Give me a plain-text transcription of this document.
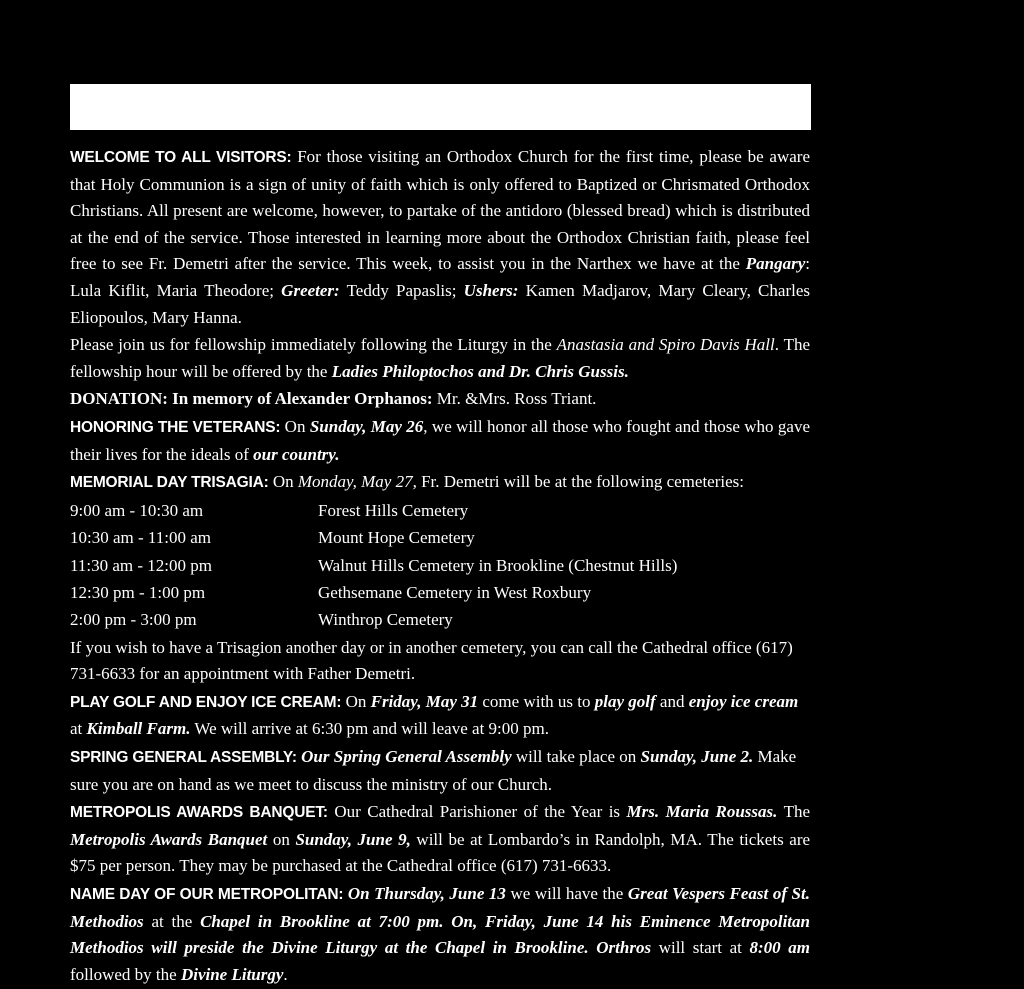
WELCOME TO ALL VISITORS: For those visiting an Orthodox Church for the first time, please be aware that Holy Communion is a sign of unity of faith which is only offered to Baptized or Chrismated Orthodox Christians. All present are welcome, however, to partake of the antidoro (blessed bread) which is distributed at the end of the service. Those interested in learning more about the Orthodox Christian faith, please feel free to see Fr. Demetri after the service. This week, to assist you in the Narthex we have at the Pangary: Lula Kiflit, Maria Theodore; Greeter: Teddy Papaslis; Ushers: Kamen Madjarov, Mary Cleary, Charles Eliopoulos, Mary Hanna.

Please join us for fellowship immediately following the Liturgy in the Anastasia and Spiro Davis Hall. The fellowship hour will be offered by the Ladies Philoptochos and Dr. Chris Gussis.

DONATION: In memory of Alexander Orphanos: Mr. &Mrs. Ross Triant.

HONORING THE VETERANS: On Sunday, May 26, we will honor all those who fought and those who gave their lives for the ideals of our country.

MEMORIAL DAY TRISAGIA: On Monday, May 27, Fr. Demetri will be at the following cemeteries:

9:00 am - 10:30 am	Forest Hills Cemetery
10:30 am - 11:00 am	Mount Hope Cemetery
11:30 am - 12:00 pm	Walnut Hills Cemetery in Brookline (Chestnut Hills)
12:30 pm - 1:00 pm	Gethsemane Cemetery in West Roxbury
2:00 pm - 3:00 pm	Winthrop Cemetery

If you wish to have a Trisagion another day or in another cemetery, you can call the Cathedral office (617) 731-6633 for an appointment with Father Demetri.

PLAY GOLF AND ENJOY ICE CREAM: On Friday, May 31 come with us to play golf and enjoy ice cream at Kimball Farm. We will arrive at 6:30 pm and will leave at 9:00 pm.

SPRING GENERAL ASSEMBLY: Our Spring General Assembly will take place on Sunday, June 2. Make sure you are on hand as we meet to discuss the ministry of our Church.

METROPOLIS AWARDS BANQUET: Our Cathedral Parishioner of the Year is Mrs. Maria Roussas. The Metropolis Awards Banquet on Sunday, June 9, will be at Lombardo’s in Randolph, MA. The tickets are $75 per person. They may be purchased at the Cathedral office (617) 731-6633.

NAME DAY OF OUR METROPOLITAN: On Thursday, June 13 we will have the Great Vespers Feast of St. Methodios at the Chapel in Brookline at 7:00 pm. On, Friday, June 14 his Eminence Metropolitan Methodios will preside the Divine Liturgy at the Chapel in Brookline. Orthros will start at 8:00 am followed by the Divine Liturgy.
